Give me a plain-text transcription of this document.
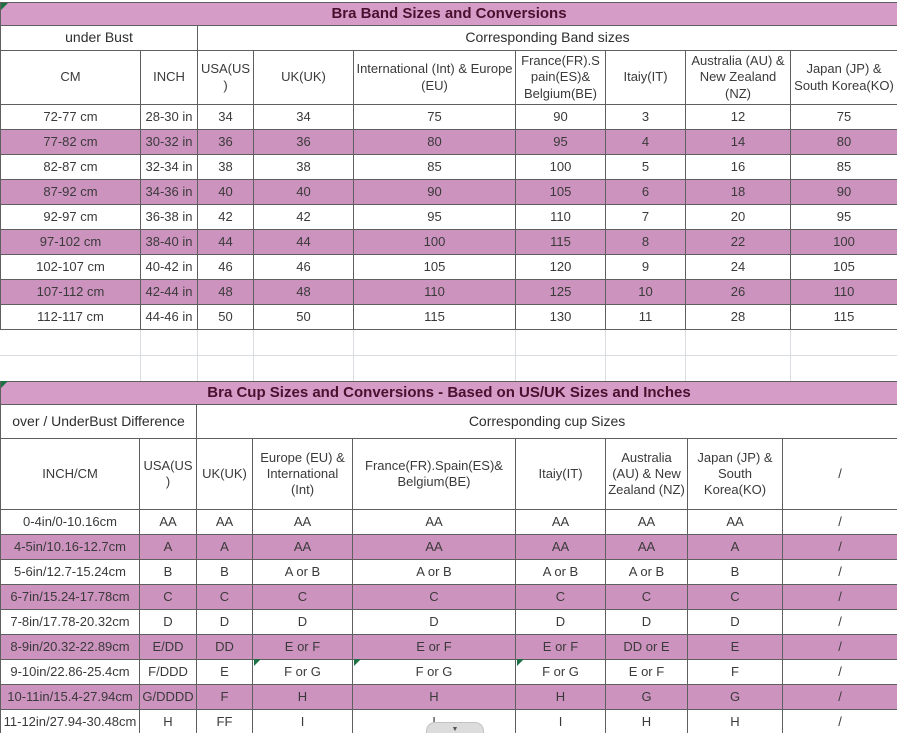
Bra Band Sizes and Conversions								
under Bust		Corresponding Band sizes						
CM	INCH	USA(US)	UK(UK)	International (Int) & Europe (EU)	France(FR).Spain(ES)& Belgium(BE)	Itaiy(IT)	Australia (AU) & New Zealand (NZ)	Japan (JP) & South Korea(KO)
72-77 cm	28-30 in	34	34	75	90	3	12	75
77-82 cm	30-32 in	36	36	80	95	4	14	80
82-87 cm	32-34 in	38	38	85	100	5	16	85
87-92 cm	34-36 in	40	40	90	105	6	18	90
92-97 cm	36-38 in	42	42	95	110	7	20	95
97-102 cm	38-40 in	44	44	100	115	8	22	100
102-107 cm	40-42 in	46	46	105	120	9	24	105
107-112 cm	42-44 in	48	48	110	125	10	26	110
112-117 cm	44-46 in	50	50	115	130	11	28	115
Bra Cup Sizes and Conversions - Based on US/UK Sizes and Inches								
over / UnderBust Difference		Corresponding cup Sizes						
INCH/CM	USA(US)	UK(UK)	Europe (EU) & International (Int)	France(FR).Spain(ES)& Belgium(BE)	Itaiy(IT)	Australia (AU) & New Zealand (NZ)	Japan (JP) & South Korea(KO)	/
0-4in/0-10.16cm	AA	AA	AA	AA	AA	AA	AA	/
4-5in/10.16-12.7cm	A	A	AA	AA	AA	AA	A	/
5-6in/12.7-15.24cm	B	B	A or B	A or B	A or B	A or B	B	/
6-7in/15.24-17.78cm	C	C	C	C	C	C	C	/
7-8in/17.78-20.32cm	D	D	D	D	D	D	D	/
8-9in/20.32-22.89cm	E/DD	DD	E or F	E or F	E or F	DD or E	E	/
9-10in/22.86-25.4cm	F/DDD	E	F or G	F or G	F or G	E or F	F	/
10-11in/15.4-27.94cm	G/DDDD	F	H	H	H	G	G	/
11-12in/27.94-30.48cm	H	FF	I		I	H	H	/
▼
